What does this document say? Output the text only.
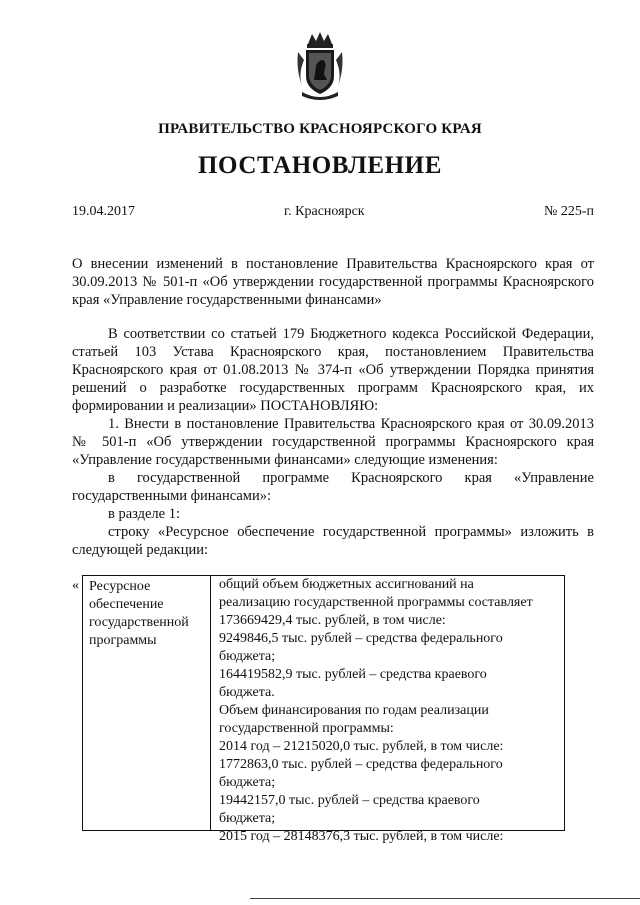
ПРАВИТЕЛЬСТВО КРАСНОЯРСКОГО КРАЯ
ПОСТАНОВЛЕНИЕ
19.04.2017	г. Красноярск	№ 225-п
О внесении изменений в постановление Правительства Красноярского края от 30.09.2013 № 501-п «Об утверждении государственной программы Красноярского края «Управление государственными финансами»

В соответствии со статьей 179 Бюджетного кодекса Российской Федерации, статьей 103 Устава Красноярского края, постановлением Правительства Красноярского края от 01.08.2013 № 374-п «Об утверждении Порядка принятия решений о разработке государственных программ Красноярского края, их формировании и реализации» ПОСТАНОВЛЯЮ:

1. Внести в постановление Правительства Красноярского края от 30.09.2013 № 501-п «Об утверждении государственной программы Красноярского края «Управление государственными финансами» следующие изменения:

в государственной программе Красноярского края «Управление государственными финансами»:

в разделе 1:

строку «Ресурсное обеспечение государственной программы» изложить в следующей редакции:

« Ресурсное
обеспечение
государственной
программы
общий объем бюджетных ассигнований на
реализацию государственной программы составляет
173669429,4 тыс. рублей, в том числе:
9249846,5 тыс. рублей – средства федерального
бюджета;
164419582,9 тыс. рублей – средства краевого
бюджета.
Объем финансирования по годам реализации
государственной программы:
2014 год – 21215020,0 тыс. рублей, в том числе:
1772863,0 тыс. рублей – средства федерального
бюджета;
19442157,0 тыс. рублей – средства краевого
бюджета;
2015 год – 28148376,3 тыс. рублей, в том числе:
